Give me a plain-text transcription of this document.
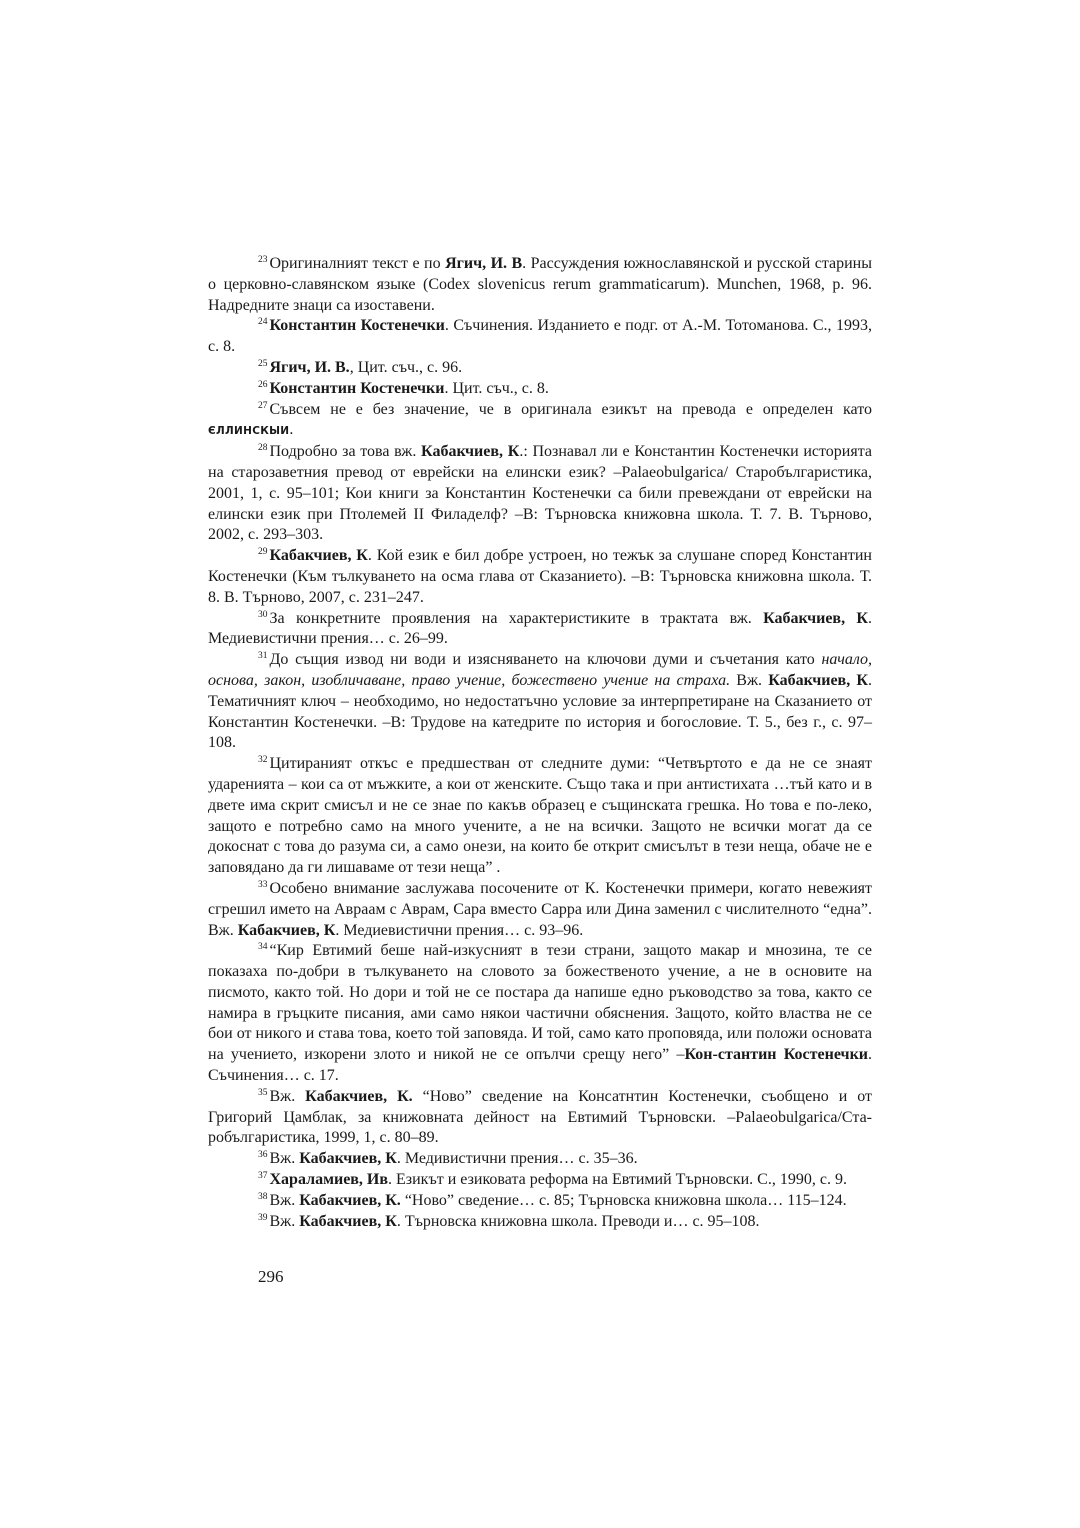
$^{23}$ Оригиналният текст е по Ягич, И. В. Рассуждения южнославянской и русской старины о церковно-славянском языке (Codex slovenicus rerum grammaticarum). Munchen, 1968, p. 96. Надредните знаци са изоставени.

$^{24}$ Константин Костенечки. Съчинения. Изданието е подг. от А.-М. Тотоманова. С., 1993, с. 8.

$^{25}$ Ягич, И. В., Цит. съч., с. 96.

$^{26}$ Константин Костенечки. Цит. съч., с. 8.

$^{27}$ Съвсем не е без значение, че в оригинала езикът на превода е определен като ЄЛЛИНСКЫИ.

$^{28}$ Подробно за това вж. Кабакчиев, К.: Познавал ли е Константин Костенечки историята на старозаветния превод от еврейски на елински език? –Palaeobulgarica/ Старобългаристика, 2001, 1, с. 95–101; Кои книги за Константин Костенечки са били превеждани от еврейски на елински език при Птолемей II Филаделф? –В: Търновска книжовна школа. Т. 7. В. Търново, 2002, с. 293–303.

$^{29}$ Кабакчиев, К. Кой език е бил добре устроен, но тежък за слушане според Константин Костенечки (Към тълкуването на осма глава от Сказанието). –В: Търновска книжовна школа. Т. 8. В. Търново, 2007, с. 231–247.

$^{30}$ За конкретните проявления на характеристиките в трактата вж. Кабакчиев, К. Медиевистични прения… с. 26–99.

$^{31}$ До същия извод ни води и изясняването на ключови думи и съчетания като начало, основа, закон, изобличаване, право учение, божествено учение на страха. Вж. Кабакчиев, К. Тематичният ключ – необходимо, но недостатъчно условие за интерпретиране на Сказанието от Константин Костенечки. –В: Трудове на катедрите по история и богословие. Т. 5., без г., с. 97–108.

$^{32}$ Цитираният откъс е предшестван от следните думи: “Четвъртото е да не се знаят ударенията – кои са от мъжките, а кои от женските. Също така и при антистихата …тъй като и в двете има скрит смисъл и не се знае по какъв образец е същинската грешка. Но това е по-леко, защото е потребно само на много учените, а не на всички. Защото не всички могат да се докоснат с това до разума си, а само онези, на които бе открит смисълът в тези неща, обаче не е заповядано да ги лишаваме от тези неща” .

$^{33}$ Особено внимание заслужава посочените от К. Костенечки примери, когато невежият сгрешил името на Авраам с Аврам, Сара вместо Сарра или Дина заменил с числителното “една”. Вж. Кабакчиев, К. Медиевистични прения… с. 93–96.

$^{34}$ “Кир Евтимий беше най-изкусният в тези страни, защото макар и мнозина, те се показаха по-добри в тълкуването на словото за божественото учение, а не в основите на писмото, както той. Но дори и той не се постара да напише едно ръководство за това, както се намира в гръцките писания, ами само някои частични обяснения. Защото, който властва не се бои от никого и става това, което той заповядa. И той, само като проповядa, или положи основата на учението, изкорени злото и никой не се опълчи срещу него” –Кон-стантин Костенечки. Съчинения… с. 17.

$^{35}$ Вж. Кабакчиев, К. “Ново” сведение на Консатнтин Костенечки, съобщено и от Григорий Цамблак, за книжовната дейност на Евтимий Търновски. –Palaeobulgarica/Ста-робългаристика, 1999, 1, с. 80–89.

$^{36}$ Вж. Кабакчиев, К. Медивистични прения… с. 35–36.

$^{37}$ Хараламиев, Ив. Езикът и езиковата реформа на Евтимий Търновски. С., 1990, с. 9.

$^{38}$ Вж. Кабакчиев, К. “Ново” сведение… с. 85; Търновска книжовна школа… 115–124.

$^{39}$ Вж. Кабакчиев, К. Търновска книжовна школа. Преводи и… с. 95–108.

296
